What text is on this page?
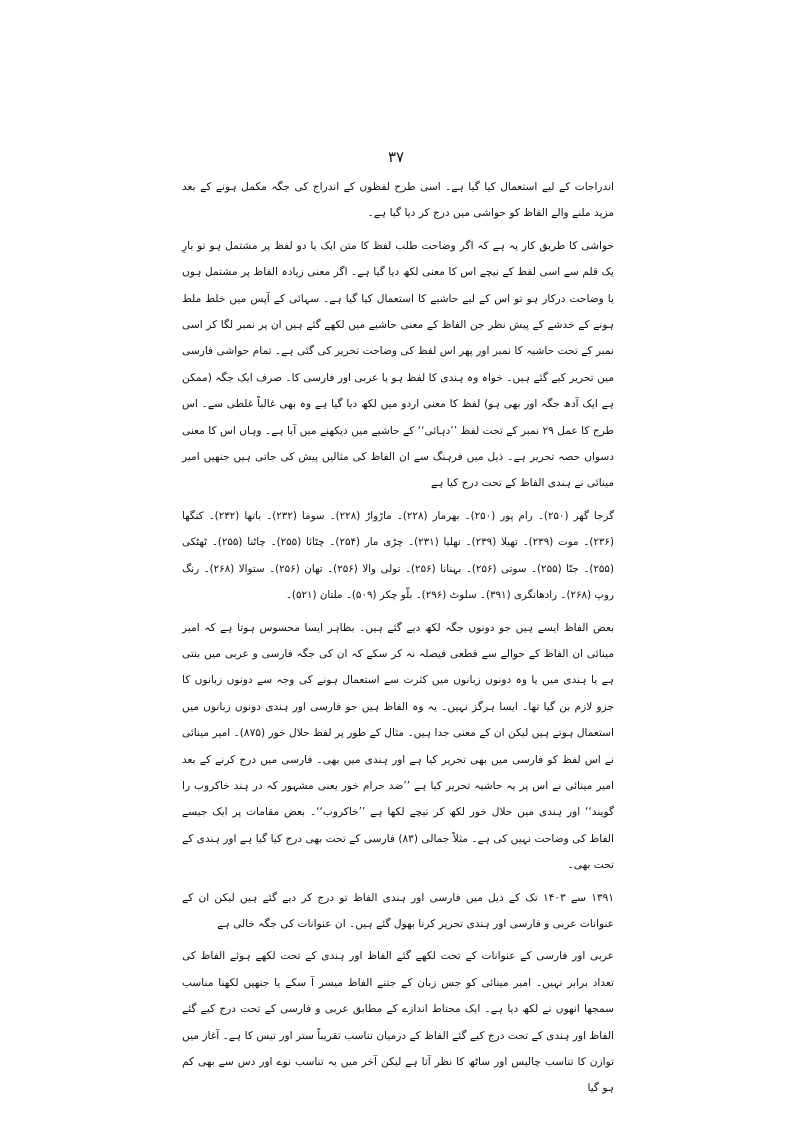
۳۷

اندراجات کے لیے استعمال کیا گیا ہے۔ اسی طرح لفظوں کے اندراج کی جگہ مکمل ہونے کے بعد مزید ملنے والے الفاظ کو حواشی میں درج کر دیا گیا ہے۔

حواشی کا طریق کار یہ ہے کہ اگر وضاحت طلب لفظ کا متن ایک یا دو لفظ پر مشتمل ہو تو بارِ یک قلم سے اسی لفظ کے نیچے اس کا معنی لکھ دیا گیا ہے۔ اگر معنی زیادہ الفاظ پر مشتمل ہوں یا وضاحت درکار ہو تو اس کے لیے حاشیے کا استعمال کیا گیا ہے۔ سہائی کے آپس میں خلط ملط ہونے کے خدشے کے پیش نظر جن الفاظ کے معنی حاشیے میں لکھے گئے ہیں ان پر نمبر لگا کر اسی نمبر کے تحت حاشیہ کا نمبر اور پھر اس لفظ کی وضاحت تحریر کی گئی ہے۔ تمام حواشی فارسی میں تحریر کیے گئے ہیں۔ خواہ وہ ہندی کا لفظ ہو یا عربی اور فارسی کا۔ صرف ایک جگہ (ممکن ہے ایک آدھ جگہ اور بھی ہو) لفظ کا معنی اردو میں لکھ دیا گیا ہے وہ بھی غالباً غلطی سے۔ اس طرح کا عمل ۲۹ نمبر کے تحت لفظ ’’دہائی‘‘ کے حاشیے میں دیکھنے میں آیا ہے۔ وہاں اس کا معنی دسواں حصہ تحریر ہے۔ ذیل میں فرہنگ سے ان الفاظ کی مثالیں پیش کی جاتی ہیں جنھیں امیر مینائی نے ہندی الفاظ کے تحت درج کیا ہے

گرجا گھر (۲۵۰)۔ رام پور (۲۵۰)۔ بھرمار (۲۲۸)۔ ماڑواڑ (۲۲۸)۔ سوما (۲۳۲)۔ باتھا (۲۳۲)۔ کنگھا (۲۳۶)۔ موت (۲۳۹)۔ تھیلا (۲۳۹)۔ نھلیا (۲۳۱)۔ چڑی مار (۲۵۴)۔ چٹائا (۲۵۵)۔ چاٹنا (۲۵۵)۔ ٹھٹکی (۲۵۵)۔ جنّا (۲۵۵)۔ سوتی (۲۵۶)۔ بہنانا (۲۵۶)۔ تولی والا (۲۵۶)۔ تھان (۲۵۶)۔ ستوالا (۲۶۸)۔ رنگ روپ (۲۶۸)۔ رادھانگری (۳۹۱)۔ سلوٹ (۲۹۶)۔ بلّو چکر (۵۰۹)۔ ملتان (۵۲۱)۔

بعض الفاظ ایسے ہیں جو دونوں جگہ لکھ دیے گئے ہیں۔ بظاہر ایسا محسوس ہوتا ہے کہ امیر مینائی ان الفاظ کے حوالے سے قطعی فیصلہ نہ کر سکے کہ ان کی جگہ فارسی و عربی میں بنتی ہے یا ہندی میں یا وہ دونوں زبانوں میں کثرت سے استعمال ہونے کی وجہ سے دونوں زبانوں کا جزو لازم بن گیا تھا۔ ایسا ہرگز نہیں۔ یہ وہ الفاظ ہیں جو فارسی اور ہندی دونوں زبانوں میں استعمال ہوتے ہیں لیکن ان کے معنی جدا ہیں۔ مثال کے طور پر لفظ حلال خور (۸۷۵)۔ امیر مینائی نے اس لفظ کو فارسی میں بھی تحریر کیا ہے اور ہندی میں بھی۔ فارسی میں درج کرنے کے بعد امیر مینائی نے اس پر یہ حاشیہ تحریر کیا ہے ’’ضد حرام خور یعنی مشہور کہ در ہند خاکروب را گویند‘‘ اور ہندی میں حلال خور لکھ کر نیچے لکھا ہے ’’خاکروب‘‘۔ بعض مقامات پر ایک جیسے الفاظ کی وضاحت نہیں کی ہے۔ مثلاً جمالی (۸۳) فارسی کے تحت بھی درج کیا گیا ہے اور ہندی کے تحت بھی۔

۱۳۹۱ سے ۱۴۰۳ تک کے ذیل میں فارسی اور ہندی الفاظ تو درج کر دیے گئے ہیں لیکن ان کے عنوانات عربی و فارسی اور ہندی تحریر کرنا بھول گئے ہیں۔ ان عنوانات کی جگہ خالی ہے

عربی اور فارسی کے عنوانات کے تحت لکھے گئے الفاظ اور ہندی کے تحت لکھے ہوئے الفاظ کی تعداد برابر نہیں۔ امیر مینائی کو جس زبان کے جتنے الفاظ میسر آ سکے یا جنھیں لکھنا مناسب سمجھا انھوں نے لکھ دیا ہے۔ ایک محتاط اندازے کے مطابق عربی و فارسی کے تحت درج کیے گئے الفاظ اور ہندی کے تحت درج کیے گئے الفاظ کے درمیان تناسب تقریباً ستر اور تیس کا ہے۔ آغاز میں توازن کا تناسب چالیس اور ساٹھ کا نظر آتا ہے لیکن آخر میں یہ تناسب نوے اور دس سے بھی کم ہو گیا
